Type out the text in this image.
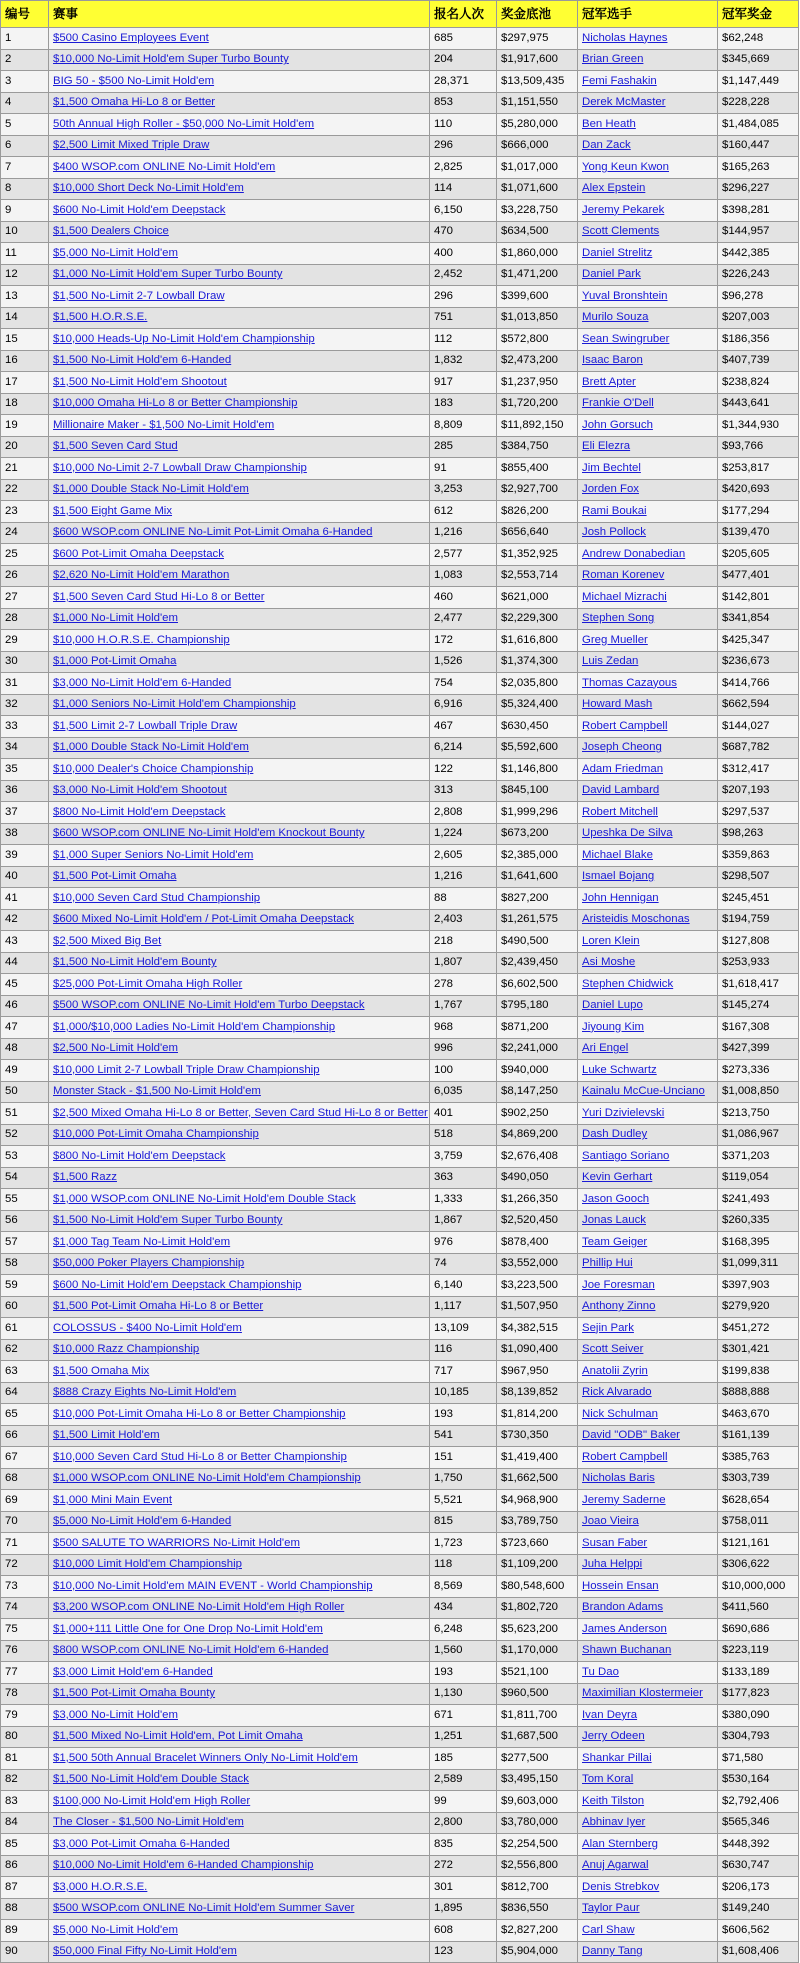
编号	赛事	报名人次	奖金底池	冠军选手	冠军奖金
1	$500 Casino Employees Event	685	$297,975	Nicholas Haynes	$62,248
2	$10,000 No-Limit Hold'em Super Turbo Bounty	204	$1,917,600	Brian Green	$345,669
3	BIG 50 - $500 No-Limit Hold'em	28,371	$13,509,435	Femi Fashakin	$1,147,449
4	$1,500 Omaha Hi-Lo 8 or Better	853	$1,151,550	Derek McMaster	$228,228
5	50th Annual High Roller - $50,000 No-Limit Hold'em	110	$5,280,000	Ben Heath	$1,484,085
6	$2,500 Limit Mixed Triple Draw	296	$666,000	Dan Zack	$160,447
7	$400 WSOP.com ONLINE No-Limit Hold'em	2,825	$1,017,000	Yong Keun Kwon	$165,263
8	$10,000 Short Deck No-Limit Hold'em	114	$1,071,600	Alex Epstein	$296,227
9	$600 No-Limit Hold'em Deepstack	6,150	$3,228,750	Jeremy Pekarek	$398,281
10	$1,500 Dealers Choice	470	$634,500	Scott Clements	$144,957
11	$5,000 No-Limit Hold'em	400	$1,860,000	Daniel Strelitz	$442,385
12	$1,000 No-Limit Hold'em Super Turbo Bounty	2,452	$1,471,200	Daniel Park	$226,243
13	$1,500 No-Limit 2-7 Lowball Draw	296	$399,600	Yuval Bronshtein	$96,278
14	$1,500 H.O.R.S.E.	751	$1,013,850	Murilo Souza	$207,003
15	$10,000 Heads-Up No-Limit Hold'em Championship	112	$572,800	Sean Swingruber	$186,356
16	$1,500 No-Limit Hold'em 6-Handed	1,832	$2,473,200	Isaac Baron	$407,739
17	$1,500 No-Limit Hold'em Shootout	917	$1,237,950	Brett Apter	$238,824
18	$10,000 Omaha Hi-Lo 8 or Better Championship	183	$1,720,200	Frankie O'Dell	$443,641
19	Millionaire Maker - $1,500 No-Limit Hold'em	8,809	$11,892,150	John Gorsuch	$1,344,930
20	$1,500 Seven Card Stud	285	$384,750	Eli Elezra	$93,766
21	$10,000 No-Limit 2-7 Lowball Draw Championship	91	$855,400	Jim Bechtel	$253,817
22	$1,000 Double Stack No-Limit Hold'em	3,253	$2,927,700	Jorden Fox	$420,693
23	$1,500 Eight Game Mix	612	$826,200	Rami Boukai	$177,294
24	$600 WSOP.com ONLINE No-Limit Pot-Limit Omaha 6-Handed	1,216	$656,640	Josh Pollock	$139,470
25	$600 Pot-Limit Omaha Deepstack	2,577	$1,352,925	Andrew Donabedian	$205,605
26	$2,620 No-Limit Hold'em Marathon	1,083	$2,553,714	Roman Korenev	$477,401
27	$1,500 Seven Card Stud Hi-Lo 8 or Better	460	$621,000	Michael Mizrachi	$142,801
28	$1,000 No-Limit Hold'em	2,477	$2,229,300	Stephen Song	$341,854
29	$10,000 H.O.R.S.E. Championship	172	$1,616,800	Greg Mueller	$425,347
30	$1,000 Pot-Limit Omaha	1,526	$1,374,300	Luis Zedan	$236,673
31	$3,000 No-Limit Hold'em 6-Handed	754	$2,035,800	Thomas Cazayous	$414,766
32	$1,000 Seniors No-Limit Hold'em Championship	6,916	$5,324,400	Howard Mash	$662,594
33	$1,500 Limit 2-7 Lowball Triple Draw	467	$630,450	Robert Campbell	$144,027
34	$1,000 Double Stack No-Limit Hold'em	6,214	$5,592,600	Joseph Cheong	$687,782
35	$10,000 Dealer's Choice Championship	122	$1,146,800	Adam Friedman	$312,417
36	$3,000 No-Limit Hold'em Shootout	313	$845,100	David Lambard	$207,193
37	$800 No-Limit Hold'em Deepstack	2,808	$1,999,296	Robert Mitchell	$297,537
38	$600 WSOP.com ONLINE No-Limit Hold'em Knockout Bounty	1,224	$673,200	Upeshka De Silva	$98,263
39	$1,000 Super Seniors No-Limit Hold'em	2,605	$2,385,000	Michael Blake	$359,863
40	$1,500 Pot-Limit Omaha	1,216	$1,641,600	Ismael Bojang	$298,507
41	$10,000 Seven Card Stud Championship	88	$827,200	John Hennigan	$245,451
42	$600 Mixed No-Limit Hold'em / Pot-Limit Omaha Deepstack	2,403	$1,261,575	Aristeidis Moschonas	$194,759
43	$2,500 Mixed Big Bet	218	$490,500	Loren Klein	$127,808
44	$1,500 No-Limit Hold'em Bounty	1,807	$2,439,450	Asi Moshe	$253,933
45	$25,000 Pot-Limit Omaha High Roller	278	$6,602,500	Stephen Chidwick	$1,618,417
46	$500 WSOP.com ONLINE No-Limit Hold'em Turbo Deepstack	1,767	$795,180	Daniel Lupo	$145,274
47	$1,000/$10,000 Ladies No-Limit Hold'em Championship	968	$871,200	Jiyoung Kim	$167,308
48	$2,500 No-Limit Hold'em	996	$2,241,000	Ari Engel	$427,399
49	$10,000 Limit 2-7 Lowball Triple Draw Championship	100	$940,000	Luke Schwartz	$273,336
50	Monster Stack - $1,500 No-Limit Hold'em	6,035	$8,147,250	Kainalu McCue-Unciano	$1,008,850
51	$2,500 Mixed Omaha Hi-Lo 8 or Better, Seven Card Stud Hi-Lo 8 or Better	401	$902,250	Yuri Dzivielevski	$213,750
52	$10,000 Pot-Limit Omaha Championship	518	$4,869,200	Dash Dudley	$1,086,967
53	$800 No-Limit Hold'em Deepstack	3,759	$2,676,408	Santiago Soriano	$371,203
54	$1,500 Razz	363	$490,050	Kevin Gerhart	$119,054
55	$1,000 WSOP.com ONLINE No-Limit Hold'em Double Stack	1,333	$1,266,350	Jason Gooch	$241,493
56	$1,500 No-Limit Hold'em Super Turbo Bounty	1,867	$2,520,450	Jonas Lauck	$260,335
57	$1,000 Tag Team No-Limit Hold'em	976	$878,400	Team Geiger	$168,395
58	$50,000 Poker Players Championship	74	$3,552,000	Phillip Hui	$1,099,311
59	$600 No-Limit Hold'em Deepstack Championship	6,140	$3,223,500	Joe Foresman	$397,903
60	$1,500 Pot-Limit Omaha Hi-Lo 8 or Better	1,117	$1,507,950	Anthony Zinno	$279,920
61	COLOSSUS - $400 No-Limit Hold'em	13,109	$4,382,515	Sejin Park	$451,272
62	$10,000 Razz Championship	116	$1,090,400	Scott Seiver	$301,421
63	$1,500 Omaha Mix	717	$967,950	Anatolii Zyrin	$199,838
64	$888 Crazy Eights No-Limit Hold'em	10,185	$8,139,852	Rick Alvarado	$888,888
65	$10,000 Pot-Limit Omaha Hi-Lo 8 or Better Championship	193	$1,814,200	Nick Schulman	$463,670
66	$1,500 Limit Hold'em	541	$730,350	David "ODB" Baker	$161,139
67	$10,000 Seven Card Stud Hi-Lo 8 or Better Championship	151	$1,419,400	Robert Campbell	$385,763
68	$1,000 WSOP.com ONLINE No-Limit Hold'em Championship	1,750	$1,662,500	Nicholas Baris	$303,739
69	$1,000 Mini Main Event	5,521	$4,968,900	Jeremy Saderne	$628,654
70	$5,000 No-Limit Hold'em 6-Handed	815	$3,789,750	Joao Vieira	$758,011
71	$500 SALUTE TO WARRIORS No-Limit Hold'em	1,723	$723,660	Susan Faber	$121,161
72	$10,000 Limit Hold'em Championship	118	$1,109,200	Juha Helppi	$306,622
73	$10,000 No-Limit Hold'em MAIN EVENT - World Championship	8,569	$80,548,600	Hossein Ensan	$10,000,000
74	$3,200 WSOP.com ONLINE No-Limit Hold'em High Roller	434	$1,802,720	Brandon Adams	$411,560
75	$1,000+111 Little One for One Drop No-Limit Hold'em	6,248	$5,623,200	James Anderson	$690,686
76	$800 WSOP.com ONLINE No-Limit Hold'em 6-Handed	1,560	$1,170,000	Shawn Buchanan	$223,119
77	$3,000 Limit Hold'em 6-Handed	193	$521,100	Tu Dao	$133,189
78	$1,500 Pot-Limit Omaha Bounty	1,130	$960,500	Maximilian Klostermeier	$177,823
79	$3,000 No-Limit Hold'em	671	$1,811,700	Ivan Deyra	$380,090
80	$1,500 Mixed No-Limit Hold'em, Pot Limit Omaha	1,251	$1,687,500	Jerry Odeen	$304,793
81	$1,500 50th Annual Bracelet Winners Only No-Limit Hold'em	185	$277,500	Shankar Pillai	$71,580
82	$1,500 No-Limit Hold'em Double Stack	2,589	$3,495,150	Tom Koral	$530,164
83	$100,000 No-Limit Hold'em High Roller	99	$9,603,000	Keith Tilston	$2,792,406
84	The Closer - $1,500 No-Limit Hold'em	2,800	$3,780,000	Abhinav Iyer	$565,346
85	$3,000 Pot-Limit Omaha 6-Handed	835	$2,254,500	Alan Sternberg	$448,392
86	$10,000 No-Limit Hold'em 6-Handed Championship	272	$2,556,800	Anuj Agarwal	$630,747
87	$3,000 H.O.R.S.E.	301	$812,700	Denis Strebkov	$206,173
88	$500 WSOP.com ONLINE No-Limit Hold'em Summer Saver	1,895	$836,550	Taylor Paur	$149,240
89	$5,000 No-Limit Hold'em	608	$2,827,200	Carl Shaw	$606,562
90	$50,000 Final Fifty No-Limit Hold'em	123	$5,904,000	Danny Tang	$1,608,406
